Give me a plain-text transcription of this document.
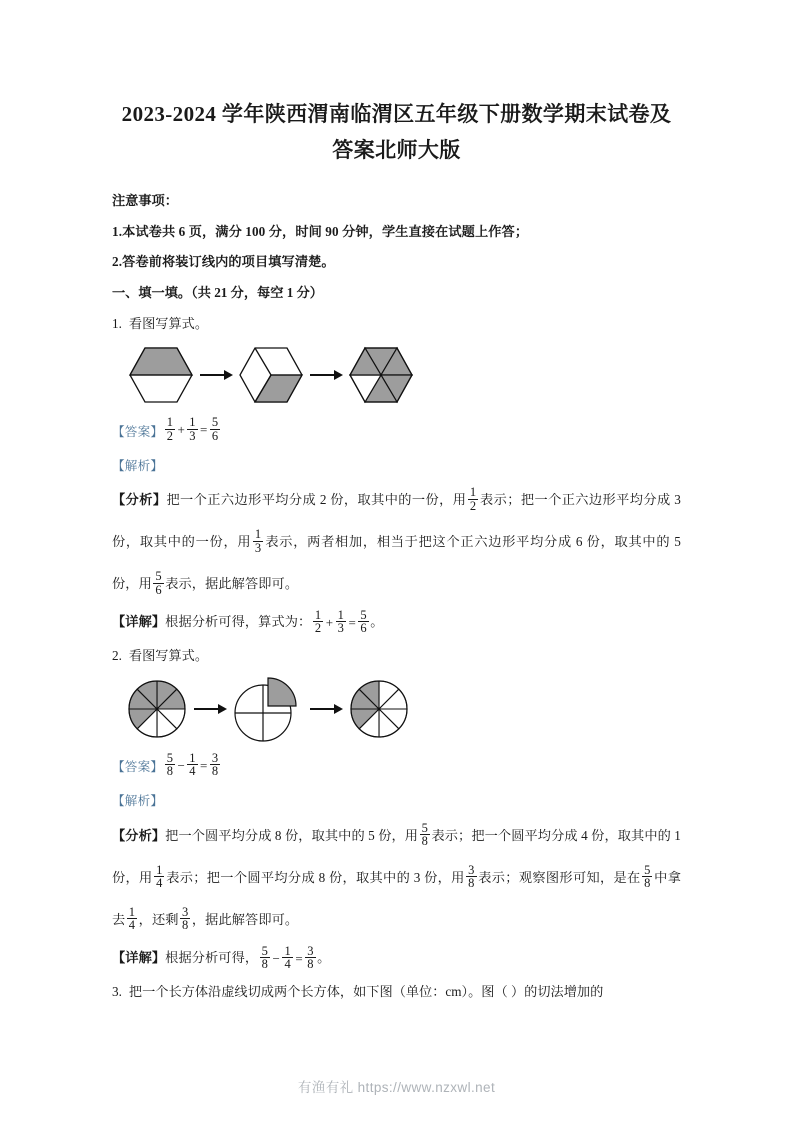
2023-2024 学年陕西渭南临渭区五年级下册数学期末试卷及
答案北师大版

注意事项：

1.本试卷共 6 页，满分 100 分，时间 90 分钟，学生直接在试题上作答；

2.答卷前将装订线内的项目填写清楚。

一、填一填。（共 21 分，每空 1 分）

1. 看图写算式。

【答案】 $\frac{1}{2} + \frac{1}{3} = \frac{5}{6}$
【解析】

【分析】把一个正六边形平均分成 2 份，取其中的一份，用 $\frac{1}{2}$ 表示；把一个正六边形平均分成 3 份，取其中的一份，用 $\frac{1}{3}$ 表示，两者相加，相当于把这个正六边形平均分成 6 份，取其中的 5 份，用 $\frac{5}{6}$ 表示，据此解答即可。

【详解】根据分析可得，算式为： $\frac{1}{2} + \frac{1}{3} = \frac{5}{6}$ 。

2. 看图写算式。

【答案】 $\frac{5}{8} - \frac{1}{4} = \frac{3}{8}$
【解析】

【分析】把一个圆平均分成 8 份，取其中的 5 份，用 $\frac{5}{8}$ 表示；把一个圆平均分成 4 份，取其中的 1 份，用 $\frac{1}{4}$ 表示；把一个圆平均分成 8 份，取其中的 3 份，用 $\frac{3}{8}$ 表示；观察图形可知，是在 $\frac{5}{8}$ 中拿去 $\frac{1}{4}$ ，还剩 $\frac{3}{8}$ ，据此解答即可。

【详解】根据分析可得， $\frac{5}{8} - \frac{1}{4} = \frac{3}{8}$ 。

3. 把一个长方体沿虚线切成两个长方体，如下图（单位：cm）。图（ ）的切法增加的

有渔有礼 https://www.nzxwl.net
